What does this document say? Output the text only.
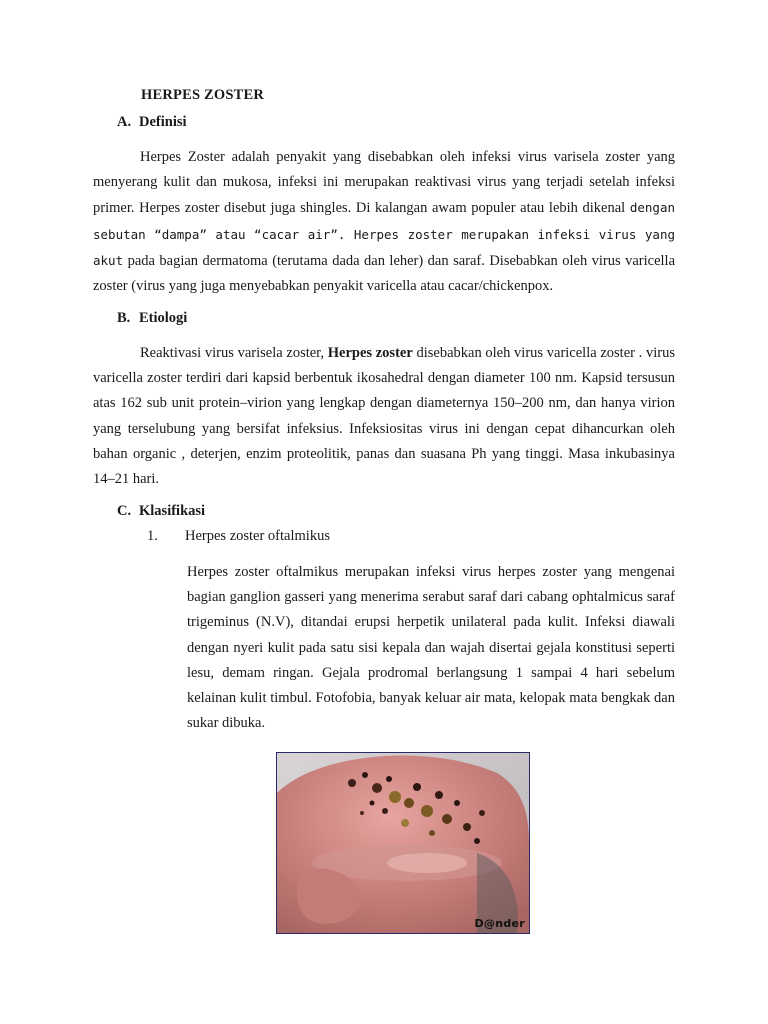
HERPES ZOSTER
A. Definisi
Herpes Zoster adalah penyakit yang disebabkan oleh infeksi virus varisela zoster yang menyerang kulit dan mukosa, infeksi ini merupakan reaktivasi virus yang terjadi setelah infeksi primer. Herpes zoster disebut juga shingles. Di kalangan awam populer atau lebih dikenal dengan sebutan “dampa” atau “cacar air”. Herpes zoster merupakan infeksi virus yang akut pada bagian dermatoma (terutama dada dan leher) dan saraf. Disebabkan oleh virus varicella zoster (virus yang juga menyebabkan penyakit varicella atau cacar/chickenpox.
B. Etiologi
Reaktivasi virus varisela zoster, Herpes zoster disebabkan oleh virus varicella zoster . virus varicella zoster terdiri dari kapsid berbentuk ikosahedral dengan diameter 100 nm. Kapsid tersusun atas 162 sub unit protein–virion yang lengkap dengan diameternya 150–200 nm, dan hanya virion yang terselubung yang bersifat infeksius. Infeksiositas virus ini dengan cepat dihancurkan oleh bahan organic , deterjen, enzim proteolitik, panas dan suasana Ph yang tinggi. Masa inkubasinya 14–21 hari.
C. Klasifikasi
1. Herpes zoster oftalmikus
Herpes zoster oftalmikus merupakan infeksi virus herpes zoster yang mengenai bagian ganglion gasseri yang menerima serabut saraf dari cabang ophtalmicus saraf trigeminus (N.V), ditandai erupsi herpetik unilateral pada kulit. Infeksi diawali dengan nyeri kulit pada satu sisi kepala dan wajah disertai gejala konstitusi seperti lesu, demam ringan. Gejala prodromal berlangsung 1 sampai 4 hari sebelum kelainan kulit timbul. Fotofobia, banyak keluar air mata, kelopak mata bengkak dan sukar dibuka.
D@nder
